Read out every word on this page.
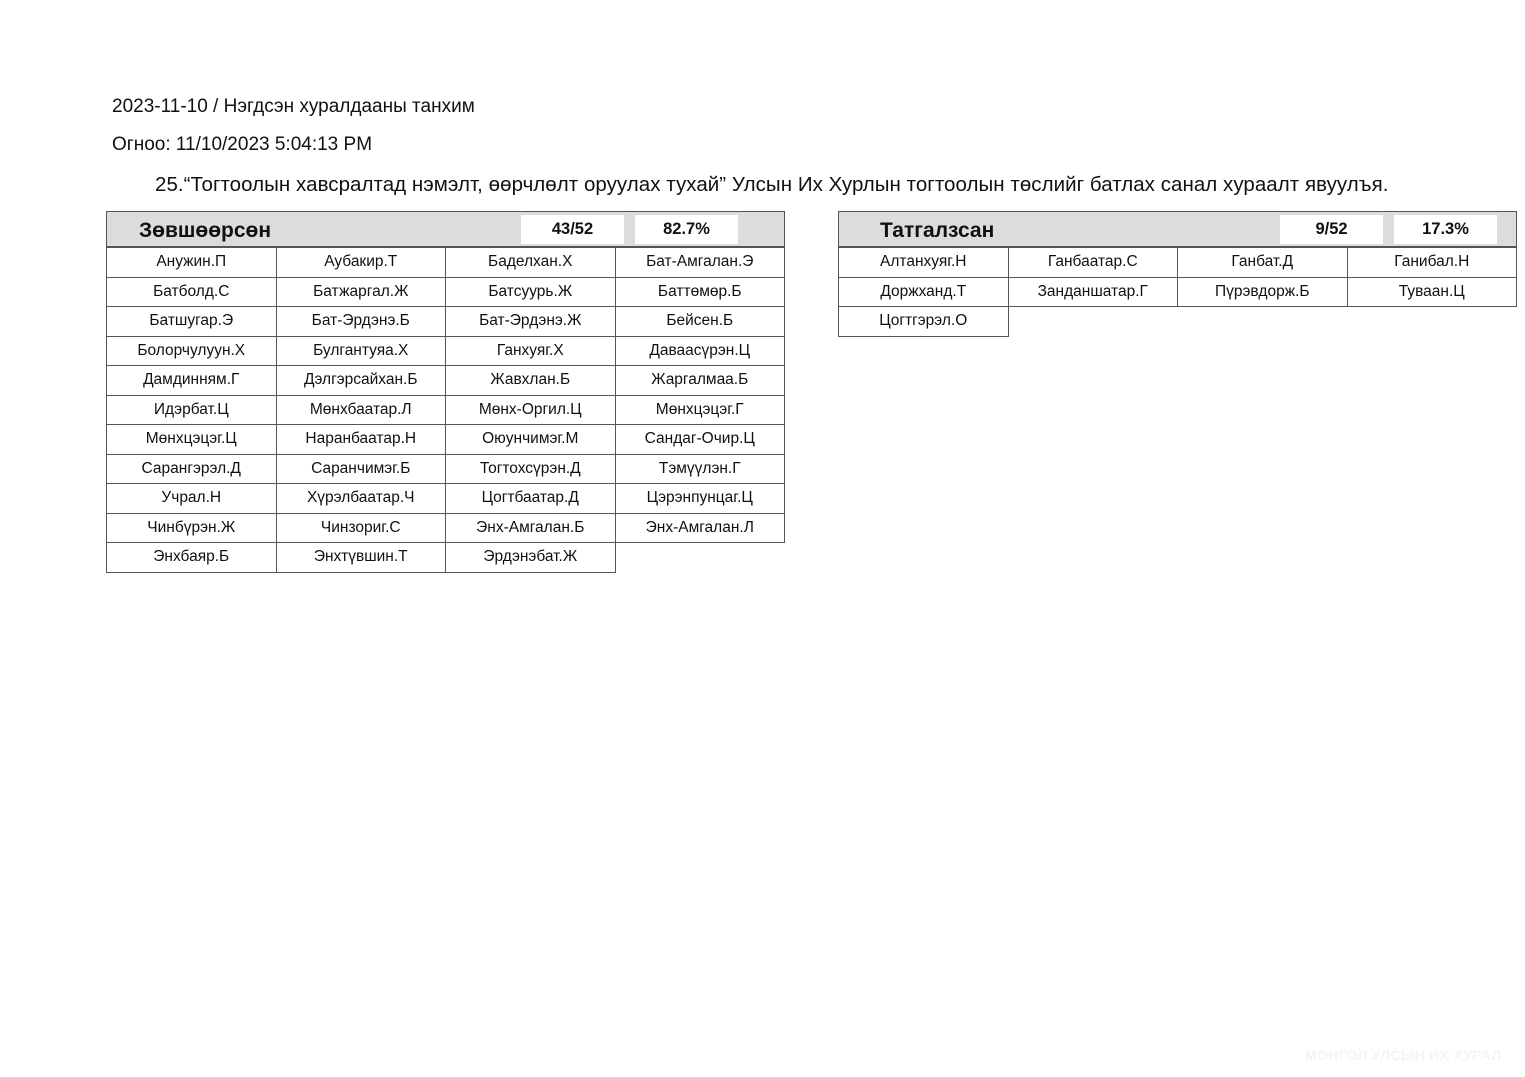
2023-11-10 / Нэгдсэн хуралдааны танхим
Огноо: 11/10/2023 5:04:13 PM
25.“Тогтоолын хавсралтад нэмэлт, өөрчлөлт оруулах тухай” Улсын Их Хурлын тогтоолын төслийг батлах санал хураалт явуулъя.
Зөвшөөрсөн	43/52	82.7%
Анужин.П	Аубакир.Т	Баделхан.Х	Бат-Амгалан.Э
Батболд.С	Батжаргал.Ж	Батсуурь.Ж	Баттөмөр.Б
Батшугар.Э	Бат-Эрдэнэ.Б	Бат-Эрдэнэ.Ж	Бейсен.Б
Болорчулуун.Х	Булгантуяа.Х	Ганхуяг.Х	Даваасүрэн.Ц
Дамдинням.Г	Дэлгэрсайхан.Б	Жавхлан.Б	Жаргалмаа.Б
Идэрбат.Ц	Мөнхбаатар.Л	Мөнх-Оргил.Ц	Мөнхцэцэг.Г
Мөнхцэцэг.Ц	Наранбаатар.Н	Оюунчимэг.М	Сандаг-Очир.Ц
Сарангэрэл.Д	Саранчимэг.Б	Тогтохсүрэн.Д	Тэмүүлэн.Г
Учрал.Н	Хүрэлбаатар.Ч	Цогтбаатар.Д	Цэрэнпунцаг.Ц
Чинбүрэн.Ж	Чинзориг.С	Энх-Амгалан.Б	Энх-Амгалан.Л
Энхбаяр.Б	Энхтүвшин.Т	Эрдэнэбат.Ж	
Татгалзсан	9/52	17.3%
Алтанхуяг.Н	Ганбаатар.С	Ганбат.Д	Ганибал.Н
Доржханд.Т	Занданшатар.Г	Пүрэвдорж.Б	Туваан.Ц
Цогтгэрэл.О			
МОНГОЛ УЛСЫН ИХ ХУРАЛ
